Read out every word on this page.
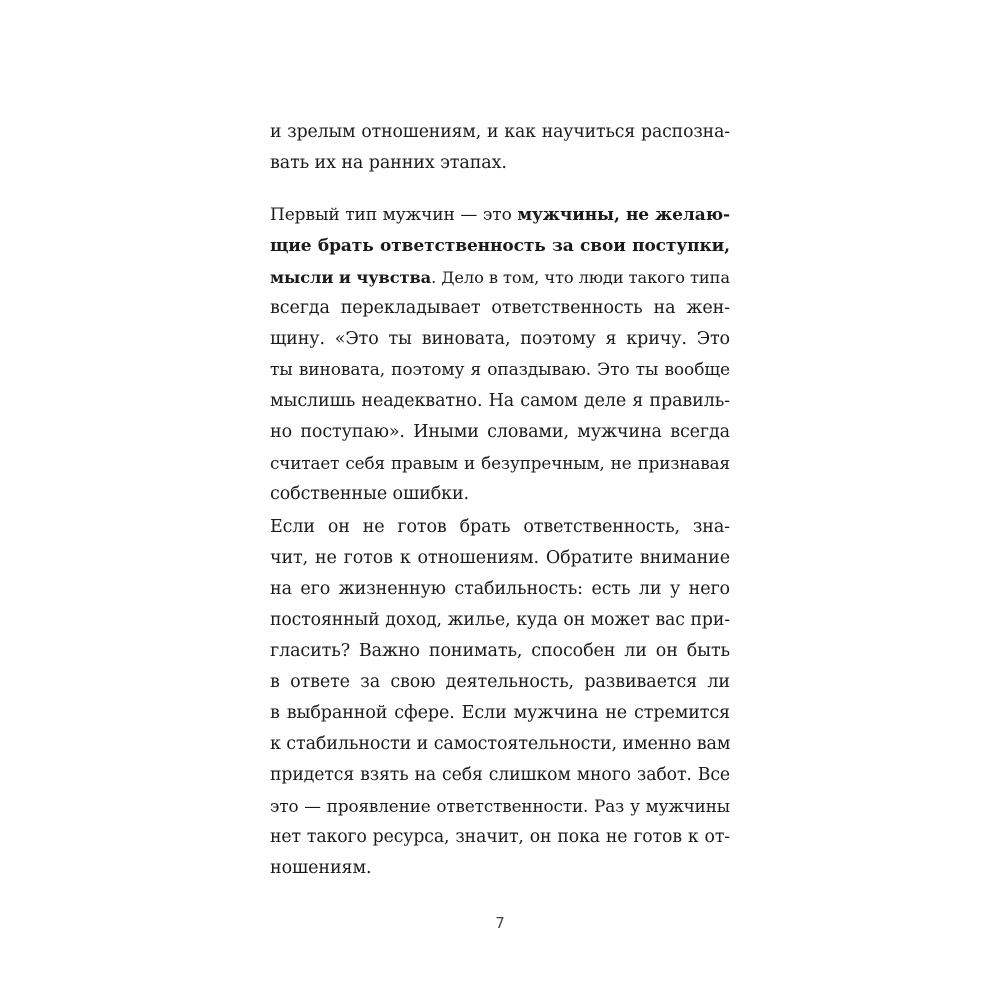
и зрелым отношениям, и как научиться распозна-
вать их на ранних этапах.
Первый тип мужчин — это мужчины, не желаю-
щие брать ответственность за свои поступки,
мысли и чувства. Дело в том, что люди такого типа
всегда перекладывает ответственность на жен-
щину. «Это ты виновата, поэтому я кричу. Это
ты виновата, поэтому я опаздываю. Это ты вообще
мыслишь неадекватно. На самом деле я правиль-
но поступаю». Иными словами, мужчина всегда
считает себя правым и безупречным, не признавая
собственные ошибки.
Если он не готов брать ответственность, зна-
чит, не готов к отношениям. Обратите внимание
на его жизненную стабильность: есть ли у него
постоянный доход, жилье, куда он может вас при-
гласить? Важно понимать, способен ли он быть
в ответе за свою деятельность, развивается ли
в выбранной сфере. Если мужчина не стремится
к стабильности и самостоятельности, именно вам
придется взять на себя слишком много забот. Все
это — проявление ответственности. Раз у мужчины
нет такого ресурса, значит, он пока не готов к от-
ношениям.
7
